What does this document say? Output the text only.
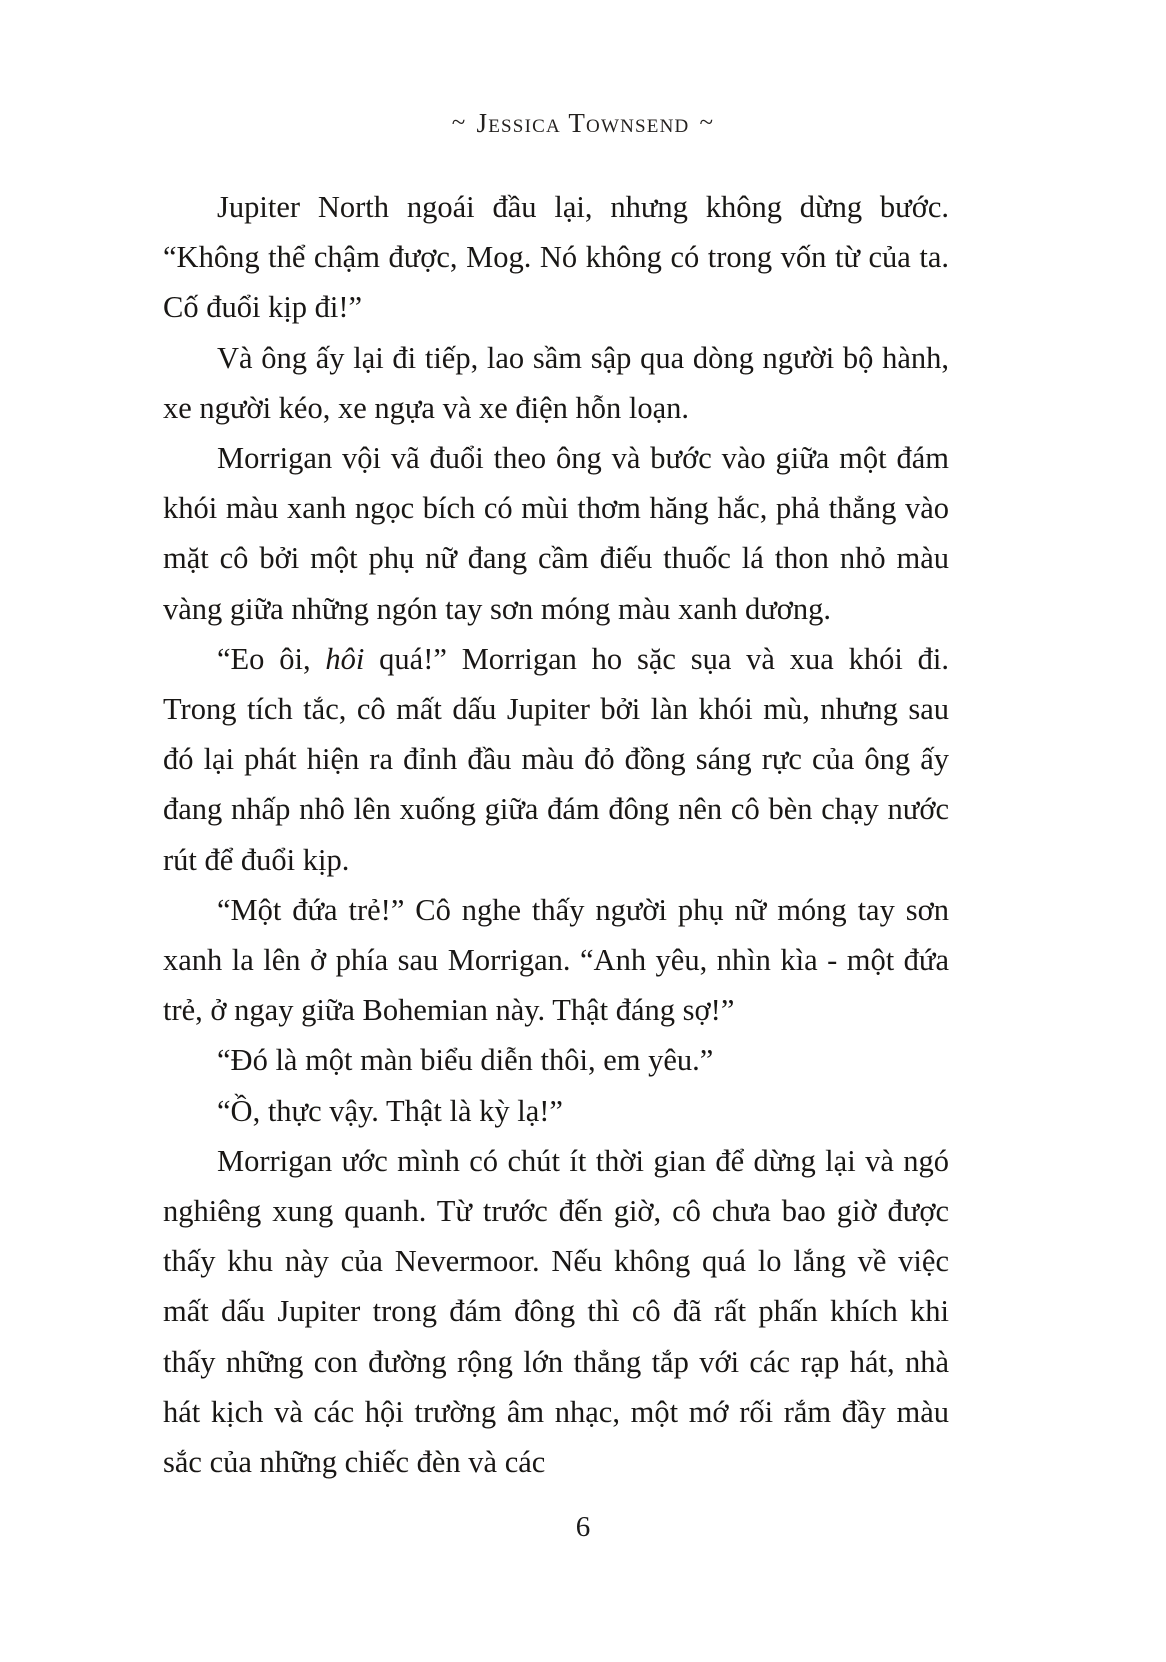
~ Jessica Townsend ~

Jupiter North ngoái đầu lại, nhưng không dừng bước. “Không thể chậm được, Mog. Nó không có trong vốn từ của ta. Cố đuổi kịp đi!”

Và ông ấy lại đi tiếp, lao sầm sập qua dòng người bộ hành, xe người kéo, xe ngựa và xe điện hỗn loạn.

Morrigan vội vã đuổi theo ông và bước vào giữa một đám khói màu xanh ngọc bích có mùi thơm hăng hắc, phả thẳng vào mặt cô bởi một phụ nữ đang cầm điếu thuốc lá thon nhỏ màu vàng giữa những ngón tay sơn móng màu xanh dương.

“Eo ôi, hôi quá!” Morrigan ho sặc sụa và xua khói đi. Trong tích tắc, cô mất dấu Jupiter bởi làn khói mù, nhưng sau đó lại phát hiện ra đỉnh đầu màu đỏ đồng sáng rực của ông ấy đang nhấp nhô lên xuống giữa đám đông nên cô bèn chạy nước rút để đuổi kịp.

“Một đứa trẻ!” Cô nghe thấy người phụ nữ móng tay sơn xanh la lên ở phía sau Morrigan. “Anh yêu, nhìn kìa - một đứa trẻ, ở ngay giữa Bohemian này. Thật đáng sợ!”

“Đó là một màn biểu diễn thôi, em yêu.”

“Ồ, thực vậy. Thật là kỳ lạ!”

Morrigan ước mình có chút ít thời gian để dừng lại và ngó nghiêng xung quanh. Từ trước đến giờ, cô chưa bao giờ được thấy khu này của Nevermoor. Nếu không quá lo lắng về việc mất dấu Jupiter trong đám đông thì cô đã rất phấn khích khi thấy những con đường rộng lớn thẳng tắp với các rạp hát, nhà hát kịch và các hội trường âm nhạc, một mớ rối rắm đầy màu sắc của những chiếc đèn và các

6
